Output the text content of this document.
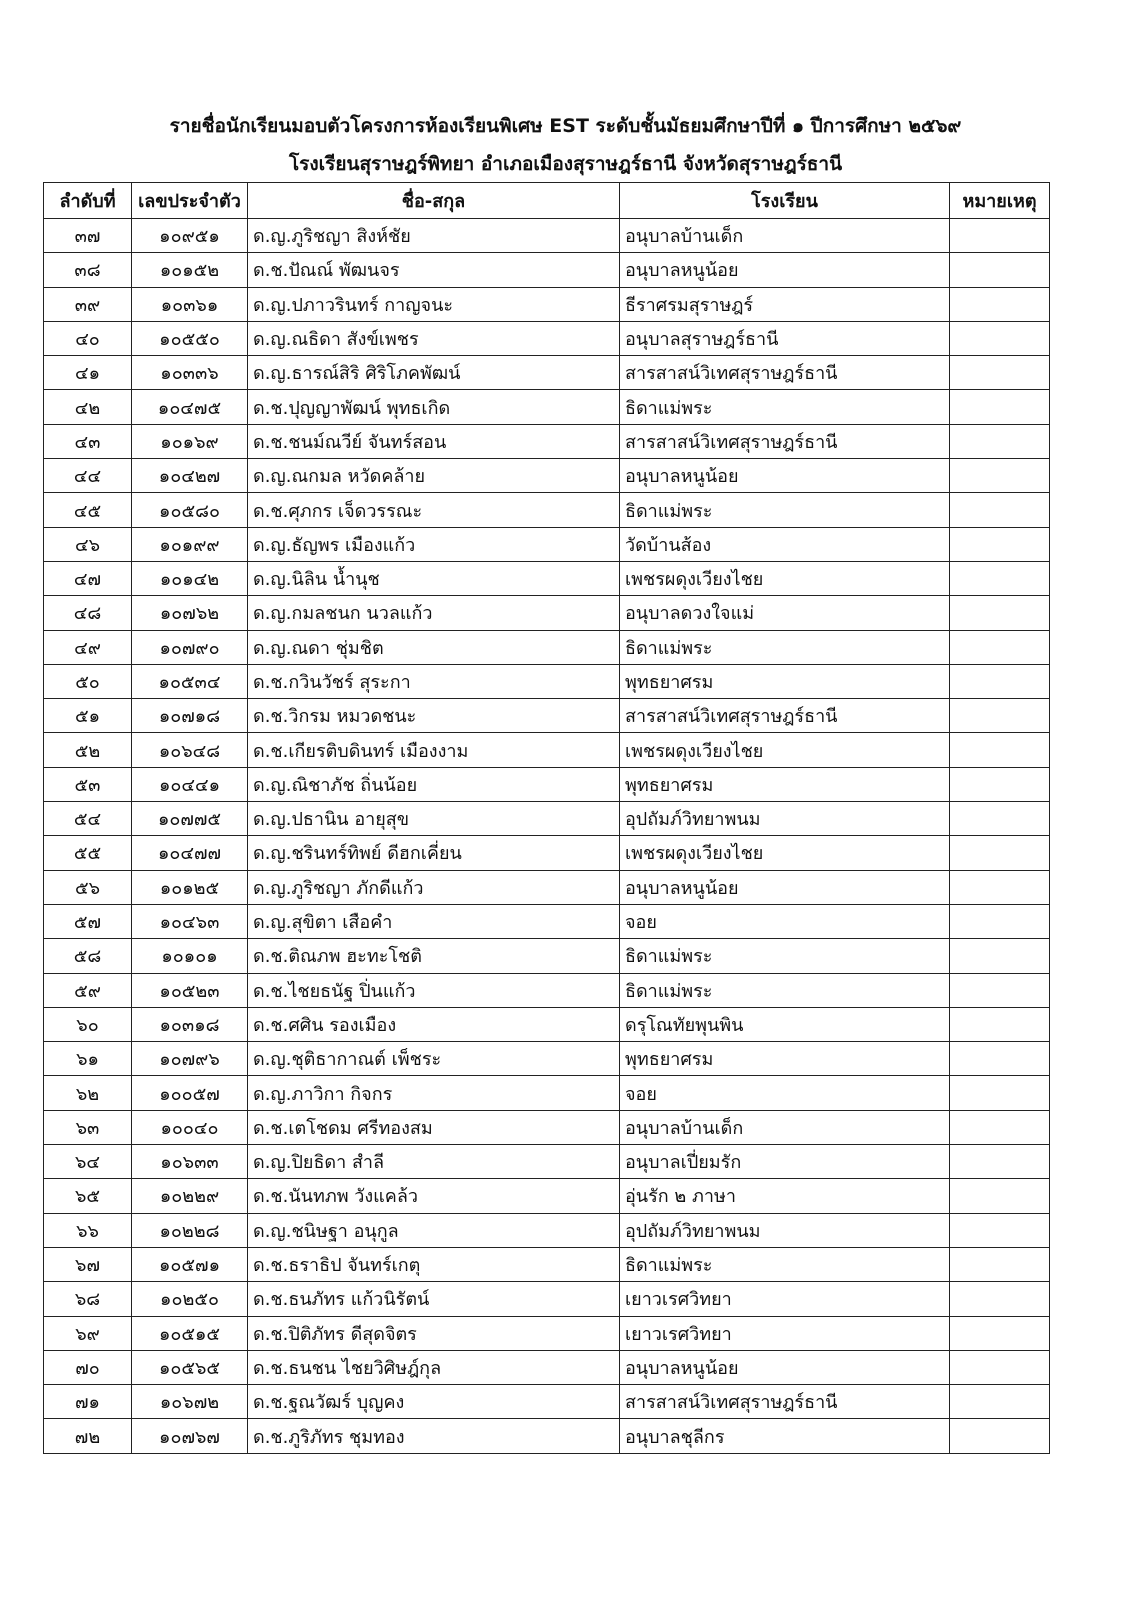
รายชื่อนักเรียนมอบตัวโครงการห้องเรียนพิเศษ EST ระดับชั้นมัธยมศึกษาปีที่ ๑ ปีการศึกษา ๒๕๖๙
โรงเรียนสุราษฎร์พิทยา อำเภอเมืองสุราษฎร์ธานี จังหวัดสุราษฎร์ธานี
ลำดับที่	เลขประจำตัว	ชื่อ-สกุล	โรงเรียน	หมายเหตุ
๓๗	๑๐๙๕๑	ด.ญ.ภูริชญา สิงห์ชัย	อนุบาลบ้านเด็ก	
๓๘	๑๐๑๕๒	ด.ช.ปัณณ์ พัฒนจร	อนุบาลหนูน้อย	
๓๙	๑๐๓๖๑	ด.ญ.ปภาวรินทร์ กาญจนะ	ธีราศรมสุราษฎร์	
๔๐	๑๐๕๕๐	ด.ญ.ณธิดา สังข์เพชร	อนุบาลสุราษฎร์ธานี	
๔๑	๑๐๓๓๖	ด.ญ.ธารณ์สิริ ศิริโภคพัฒน์	สารสาสน์วิเทศสุราษฎร์ธานี	
๔๒	๑๐๔๗๕	ด.ช.ปุญญาพัฒน์ พุทธเกิด	ธิดาแม่พระ	
๔๓	๑๐๑๖๙	ด.ช.ชนม์ณวีย์ จันทร์สอน	สารสาสน์วิเทศสุราษฎร์ธานี	
๔๔	๑๐๔๒๗	ด.ญ.ณกมล หวัดคล้าย	อนุบาลหนูน้อย	
๔๕	๑๐๕๘๐	ด.ช.ศุภกร เจ็ดวรรณะ	ธิดาแม่พระ	
๔๖	๑๐๑๙๙	ด.ญ.ธัญพร เมืองแก้ว	วัดบ้านส้อง	
๔๗	๑๐๑๔๒	ด.ญ.นิลิน น้ำนุช	เพชรผดุงเวียงไชย	
๔๘	๑๐๗๖๒	ด.ญ.กมลชนก นวลแก้ว	อนุบาลดวงใจแม่	
๔๙	๑๐๗๙๐	ด.ญ.ณดา ชุ่มชิต	ธิดาแม่พระ	
๕๐	๑๐๕๓๔	ด.ช.กวินวัชร์ สุระกา	พุทธยาศรม	
๕๑	๑๐๗๑๘	ด.ช.วิกรม หมวดชนะ	สารสาสน์วิเทศสุราษฎร์ธานี	
๕๒	๑๐๖๔๘	ด.ช.เกียรติบดินทร์ เมืองงาม	เพชรผดุงเวียงไชย	
๕๓	๑๐๔๔๑	ด.ญ.ณิชาภัช ถิ่นน้อย	พุทธยาศรม	
๕๔	๑๐๗๗๕	ด.ญ.ปธานิน อายุสุข	อุปถัมภ์วิทยาพนม	
๕๕	๑๐๔๗๗	ด.ญ.ชรินทร์ทิพย์ ดีฮกเคี่ยน	เพชรผดุงเวียงไชย	
๕๖	๑๐๑๒๕	ด.ญ.ภูริชญา ภักดีแก้ว	อนุบาลหนูน้อย	
๕๗	๑๐๔๖๓	ด.ญ.สุขิตา เสือคำ	จอย	
๕๘	๑๐๑๐๑	ด.ช.ติณภพ ฮะทะโชติ	ธิดาแม่พระ	
๕๙	๑๐๕๒๓	ด.ช.ไชยธนัฐ ปิ่นแก้ว	ธิดาแม่พระ	
๖๐	๑๐๓๑๘	ด.ช.ศศิน รองเมือง	ดรุโณทัยพุนพิน	
๖๑	๑๐๗๙๖	ด.ญ.ชุติธากาณต์ เพ็ชระ	พุทธยาศรม	
๖๒	๑๐๐๕๗	ด.ญ.ภาวิกา กิจกร	จอย	
๖๓	๑๐๐๔๐	ด.ช.เตโชดม ศรีทองสม	อนุบาลบ้านเด็ก	
๖๔	๑๐๖๓๓	ด.ญ.ปิยธิดา สำลี	อนุบาลเปี่ยมรัก	
๖๕	๑๐๒๒๙	ด.ช.นันทภพ วังแคล้ว	อุ่นรัก ๒ ภาษา	
๖๖	๑๐๒๒๘	ด.ญ.ชนิษฐา อนุกูล	อุปถัมภ์วิทยาพนม	
๖๗	๑๐๕๗๑	ด.ช.ธราธิป จันทร์เกตุ	ธิดาแม่พระ	
๖๘	๑๐๒๕๐	ด.ช.ธนภัทร แก้วนิรัตน์	เยาวเรศวิทยา	
๖๙	๑๐๕๑๕	ด.ช.ปิติภัทร ดีสุดจิตร	เยาวเรศวิทยา	
๗๐	๑๐๕๖๕	ด.ช.ธนชน ไชยวิศิษฎ์กุล	อนุบาลหนูน้อย	
๗๑	๑๐๖๗๒	ด.ช.ฐณวัฒร์ บุญคง	สารสาสน์วิเทศสุราษฎร์ธานี	
๗๒	๑๐๗๖๗	ด.ช.ภูริภัทร ชุมทอง	อนุบาลชุลีกร	
